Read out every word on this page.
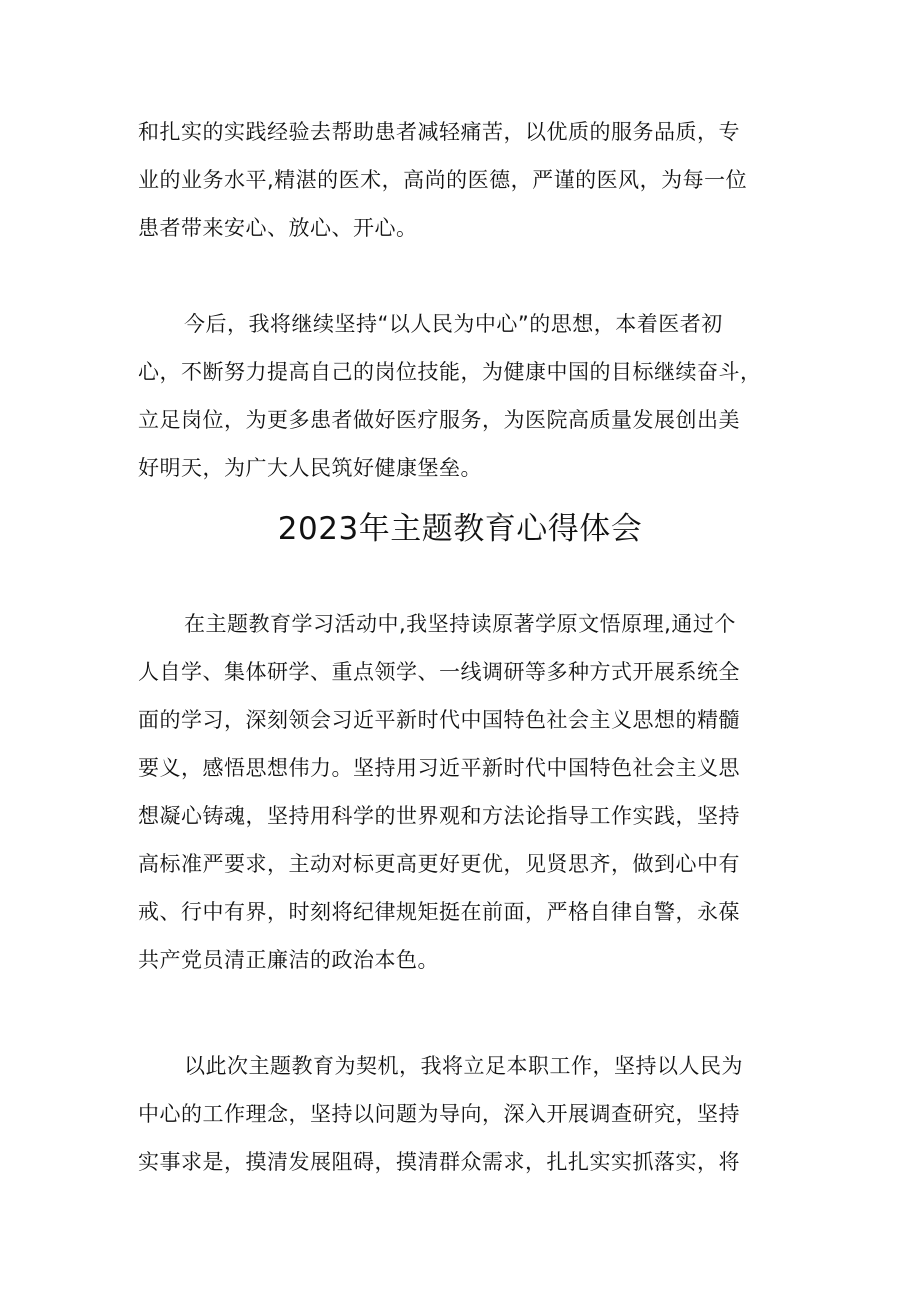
和扎实的实践经验去帮助患者减轻痛苦，以优质的服务品质，专
业的业务水平,精湛的医术，高尚的医德，严谨的医风，为每一位
患者带来安心、放心、开心。
今后，我将继续坚持“以人民为中心”的思想，本着医者初
心，不断努力提高自己的岗位技能，为健康中国的目标继续奋斗，
立足岗位，为更多患者做好医疗服务，为医院高质量发展创出美
好明天，为广大人民筑好健康堡垒。
2023年主题教育心得体会
在主题教育学习活动中,我坚持读原著学原文悟原理,通过个
人自学、集体研学、重点领学、一线调研等多种方式开展系统全
面的学习，深刻领会习近平新时代中国特色社会主义思想的精髓
要义，感悟思想伟力。坚持用习近平新时代中国特色社会主义思
想凝心铸魂，坚持用科学的世界观和方法论指导工作实践，坚持
高标准严要求，主动对标更高更好更优，见贤思齐，做到心中有
戒、行中有界，时刻将纪律规矩挺在前面，严格自律自警，永葆
共产党员清正廉洁的政治本色。
以此次主题教育为契机，我将立足本职工作，坚持以人民为
中心的工作理念，坚持以问题为导向，深入开展调查研究，坚持
实事求是，摸清发展阻碍，摸清群众需求，扎扎实实抓落实，将
